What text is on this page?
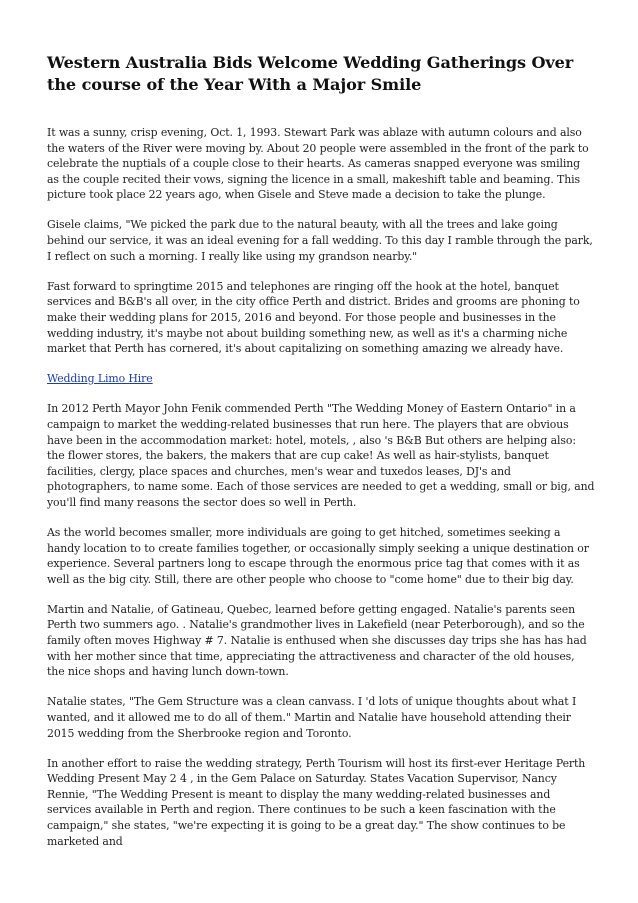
Western Australia Bids Welcome Wedding Gatherings Over the course of the Year With a Major Smile

It was a sunny, crisp evening, Oct. 1, 1993. Stewart Park was ablaze with autumn colours and also the waters of the River were moving by. About 20 people were assembled in the front of the park to celebrate the nuptials of a couple close to their hearts. As cameras snapped everyone was smiling as the couple recited their vows, signing the licence in a small, makeshift table and beaming. This picture took place 22 years ago, when Gisele and Steve made a decision to take the plunge.

Gisele claims, "We picked the park due to the natural beauty, with all the trees and lake going behind our service, it was an ideal evening for a fall wedding. To this day I ramble through the park, I reflect on such a morning. I really like using my grandson nearby."

Fast forward to springtime 2015 and telephones are ringing off the hook at the hotel, banquet services and B&B's all over, in the city office Perth and district. Brides and grooms are phoning to make their wedding plans for 2015, 2016 and beyond. For those people and businesses in the wedding industry, it's maybe not about building something new, as well as it's a charming niche market that Perth has cornered, it's about capitalizing on something amazing we already have.

Wedding Limo Hire

In 2012 Perth Mayor John Fenik commended Perth "The Wedding Money of Eastern Ontario" in a campaign to market the wedding-related businesses that run here. The players that are obvious have been in the accommodation market: hotel, motels, , also 's B&B But others are helping also: the flower stores, the bakers, the makers that are cup cake! As well as hair-stylists, banquet facilities, clergy, place spaces and churches, men's wear and tuxedos leases, DJ's and photographers, to name some. Each of those services are needed to get a wedding, small or big, and you'll find many reasons the sector does so well in Perth.

As the world becomes smaller, more individuals are going to get hitched, sometimes seeking a handy location to to create families together, or occasionally simply seeking a unique destination or experience. Several partners long to escape through the enormous price tag that comes with it as well as the big city. Still, there are other people who choose to "come home" due to their big day.

Martin and Natalie, of Gatineau, Quebec, learned before getting engaged. Natalie's parents seen Perth two summers ago. . Natalie's grandmother lives in Lakefield (near Peterborough), and so the family often moves Highway # 7. Natalie is enthused when she discusses day trips she has has had with her mother since that time, appreciating the attractiveness and character of the old houses, the nice shops and having lunch down-town.

Natalie states, "The Gem Structure was a clean canvass. I 'd lots of unique thoughts about what I wanted, and it allowed me to do all of them." Martin and Natalie have household attending their 2015 wedding from the Sherbrooke region and Toronto.

In another effort to raise the wedding strategy, Perth Tourism will host its first-ever Heritage Perth Wedding Present May 2 4 , in the Gem Palace on Saturday. States Vacation Supervisor, Nancy Rennie, "The Wedding Present is meant to display the many wedding-related businesses and services available in Perth and region. There continues to be such a keen fascination with the campaign," she states, "we're expecting it is going to be a great day." The show continues to be marketed and
